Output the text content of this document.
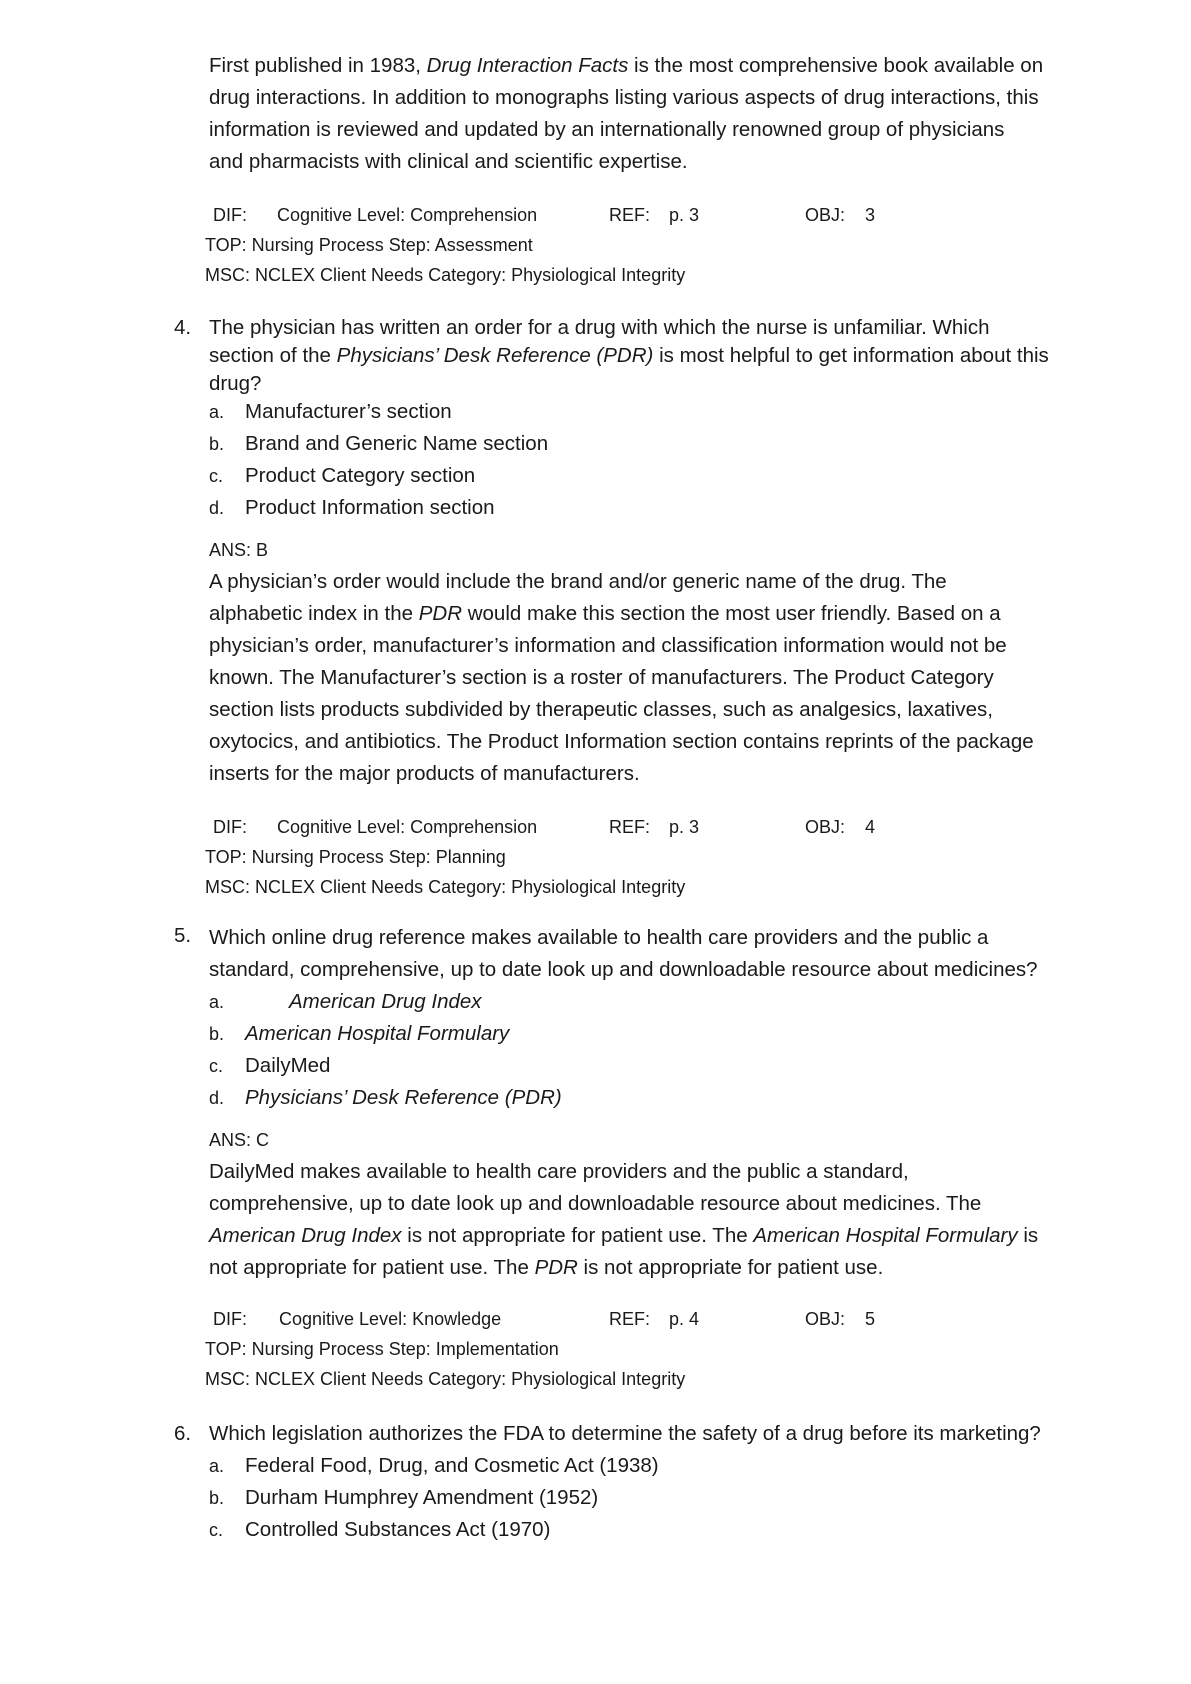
First published in 1983, Drug Interaction Facts is the most comprehensive book available on
drug interactions. In addition to monographs listing various aspects of drug interactions, this
information is reviewed and updated by an internationally renowned group of physicians
and pharmacists with clinical and scientific expertise.
DIF: Cognitive Level: Comprehension	REF: p. 3	OBJ: 3
TOP: Nursing Process Step: Assessment
MSC: NCLEX Client Needs Category: Physiological Integrity
4. The physician has written an order for a drug with which the nurse is unfamiliar. Which
section of the Physicians’ Desk Reference (PDR) is most helpful to get information about this
drug?
a. Manufacturer’s section
b. Brand and Generic Name section
c. Product Category section
d. Product Information section
ANS: B
A physician’s order would include the brand and/or generic name of the drug. The
alphabetic index in the PDR would make this section the most user friendly. Based on a
physician’s order, manufacturer’s information and classification information would not be
known. The Manufacturer’s section is a roster of manufacturers. The Product Category
section lists products subdivided by therapeutic classes, such as analgesics, laxatives,
oxytocics, and antibiotics. The Product Information section contains reprints of the package
inserts for the major products of manufacturers.
DIF: Cognitive Level: Comprehension	REF: p. 3	OBJ: 4
TOP: Nursing Process Step: Planning
MSC: NCLEX Client Needs Category: Physiological Integrity
5. Which online drug reference makes available to health care providers and the public a
standard, comprehensive, up to date look up and downloadable resource about medicines?
a.	American Drug Index
b. American Hospital Formulary
c. DailyMed
d. Physicians’ Desk Reference (PDR)
ANS: C
DailyMed makes available to health care providers and the public a standard,
comprehensive, up to date look up and downloadable resource about medicines. The
American Drug Index is not appropriate for patient use. The American Hospital Formulary is
not appropriate for patient use. The PDR is not appropriate for patient use.
DIF: Cognitive Level: Knowledge	REF: p. 4	OBJ: 5
TOP: Nursing Process Step: Implementation
MSC: NCLEX Client Needs Category: Physiological Integrity
6. Which legislation authorizes the FDA to determine the safety of a drug before its marketing?
a. Federal Food, Drug, and Cosmetic Act (1938)
b. Durham Humphrey Amendment (1952)
c. Controlled Substances Act (1970)
